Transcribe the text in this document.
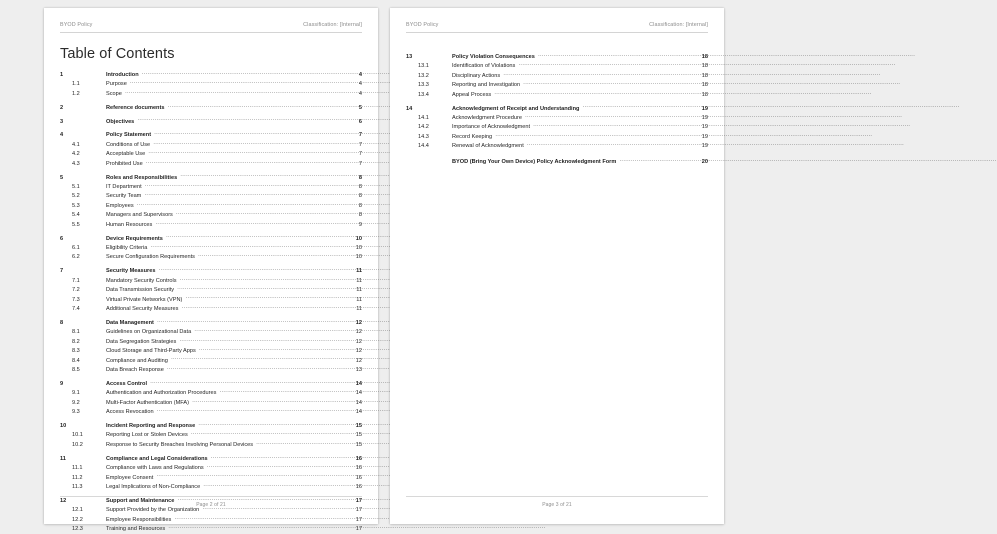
BYOD Policy	Classification: [Internal]
Table of Contents
1	Introduction .....	4
1.1	Purpose .....	4
1.2	Scope .....	4
2	Reference documents .....	5
3	Objectives .....	6
4	Policy Statement .....	7
4.1	Conditions of Use .....	7
4.2	Acceptable Use .....	7
4.3	Prohibited Use .....	7
5	Roles and Responsibilities .....	8
5.1	IT Department .....	8
5.2	Security Team .....	8
5.3	Employees .....	8
5.4	Managers and Supervisors .....	8
5.5	Human Resources .....	9
6	Device Requirements .....	10
6.1	Eligibility Criteria .....	10
6.2	Secure Configuration Requirements .....	10
7	Security Measures .....	11
7.1	Mandatory Security Controls .....	11
7.2	Data Transmission Security .....	11
7.3	Virtual Private Networks (VPN) .....	11
7.4	Additional Security Measures .....	11
8	Data Management .....	12
8.1	Guidelines on Organizational Data .....	12
8.2	Data Segregation Strategies .....	12
8.3	Cloud Storage and Third-Party Apps .....	12
8.4	Compliance and Auditing .....	12
8.5	Data Breach Response .....	13
9	Access Control .....	14
9.1	Authentication and Authorization Procedures .....	14
9.2	Multi-Factor Authentication (MFA) .....	14
9.3	Access Revocation .....	14
10	Incident Reporting and Response .....	15
10.1	Reporting Lost or Stolen Devices .....	15
10.2	Response to Security Breaches Involving Personal Devices .....	15
11	Compliance and Legal Considerations .....	16
11.1	Compliance with Laws and Regulations .....	16
11.2	Employee Consent .....	16
11.3	Legal Implications of Non-Compliance .....	16
12	Support and Maintenance .....	17
12.1	Support Provided by the Organization .....	17
12.2	Employee Responsibilities .....	17
12.3	Training and Resources .....	17
Page 2 of 21
BYOD Policy	Classification: [Internal]
13	Policy Violation Consequences .....	18
13.1	Identification of Violations .....	18
13.2	Disciplinary Actions .....	18
13.3	Reporting and Investigation .....	18
13.4	Appeal Process .....	18
14	Acknowledgment of Receipt and Understanding .....	19
14.1	Acknowledgment Procedure .....	19
14.2	Importance of Acknowledgment .....	19
14.3	Record Keeping .....	19
14.4	Renewal of Acknowledgment .....	19
BYOD (Bring Your Own Device) Policy Acknowledgment Form .....	20
Page 3 of 21
